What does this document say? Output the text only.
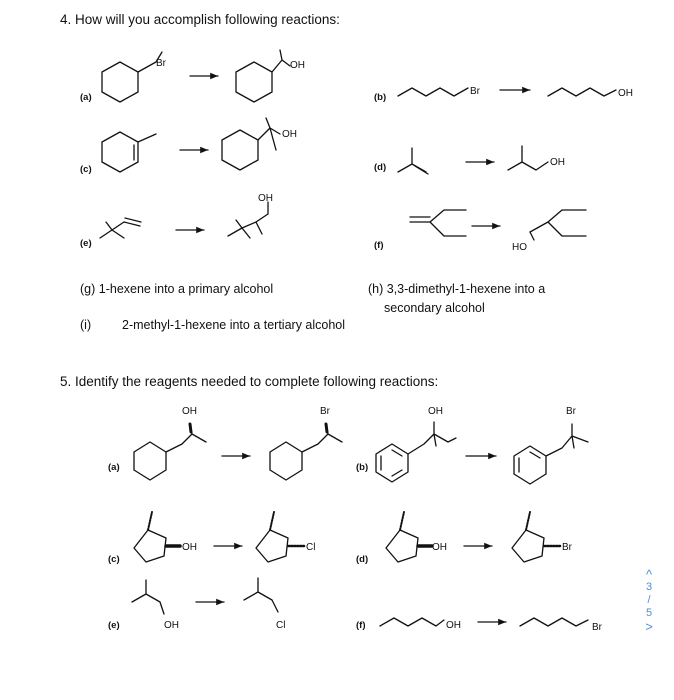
4. How will you accomplish following reactions:
Br	OH
Br	OH
OH
OH
OH
HO
OH	Br	OH	Br
OH	Cl	OH	Br
OH	Cl	OH	Br
(a)	(b)
(c)	(d)
(e)	(f)
(g) 1-hexene into a primary alcohol	(h) 3,3-dimethyl-1-hexene into a
secondary alcohol
(i) 2-methyl-1-hexene into a tertiary alcohol
5. Identify the reagents needed to complete following reactions:
(a)	(b)
(c)	(d)
(e)	(f)
^
3
/
5
>
